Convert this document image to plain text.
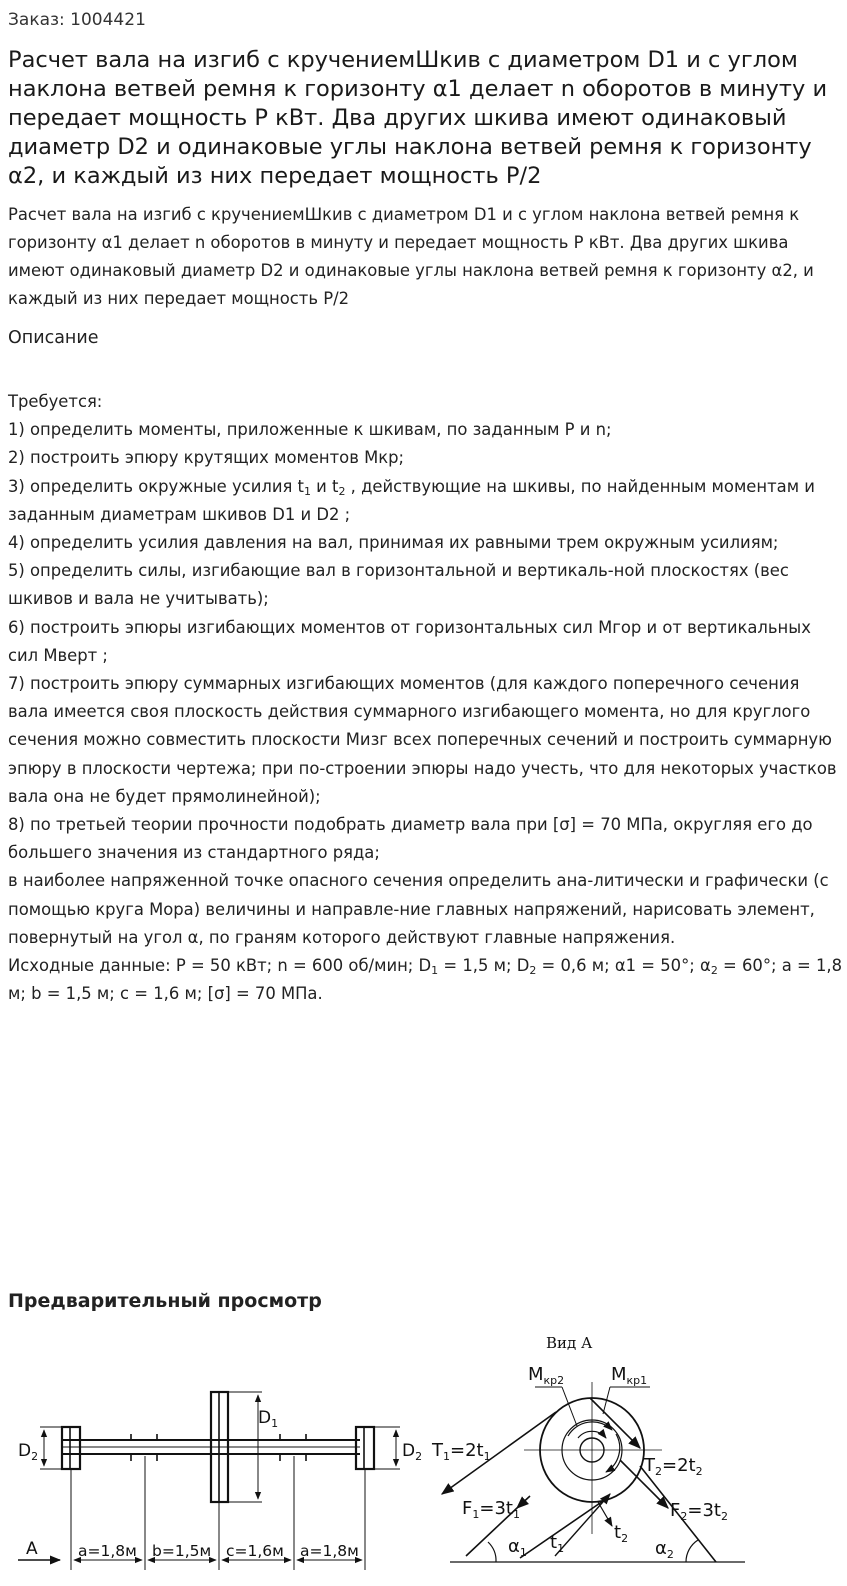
Заказ: 1004421
Расчет вала на изгиб с кручениемШкив с диаметром D1 и с углом наклона ветвей ремня к горизонту α1 делает n оборотов в минуту и передает мощность Р кВт. Два других шкива имеют одинаковый диаметр D2 и одинаковые углы наклона ветвей ремня к горизонту α2, и каждый из них передает мощность Р/2
Расчет вала на изгиб с кручениемШкив с диаметром D1 и с углом наклона ветвей ремня к горизонту α1 делает n оборотов в минуту и передает мощность Р кВт. Два других шкива имеют одинаковый диаметр D2 и одинаковые углы наклона ветвей ремня к горизонту α2, и каждый из них передает мощность Р/2
Описание
Требуется:
1) определить моменты, приложенные к шкивам, по заданным Р и n;
2) построить эпюру крутящих моментов Мкр;
3) определить окружные усилия $t_1$ и $t_2$ , действующие на шкивы, по найденным моментам и заданным диаметрам шкивов D1 и D2 ;
4) определить усилия давления на вал, принимая их равными трем окружным усилиям;
5) определить силы, изгибающие вал в горизонтальной и вертикаль-ной плоскостях (вес шкивов и вала не учитывать);
6) построить эпюры изгибающих моментов от горизонтальных сил Мгор и от вертикальных
сил Мверт ;
7) построить эпюру суммарных изгибающих моментов (для каждого поперечного сечения вала имеется своя плоскость действия суммарного изгибающего момента, но для круглого сечения можно совместить плоскости Мизг всех поперечных сечений и построить суммарную эпюру в плоскости чертежа; при по-строении эпюры надо учесть, что для некоторых участков вала она не будет прямолинейной);
8) по третьей теории прочности подобрать диаметр вала при [σ] = 70 МПа, округляя его до большего значения из стандартного ряда;
в наиболее напряженной точке опасного сечения определить ана-литически и графически (с помощью круга Мора) величины и направле-ние главных напряжений, нарисовать элемент, повернутый на угол α, по граням которого действуют главные напряжения.
Исходные данные: Р = 50 кВт; n = 600 об/мин; $D_1 = 1,5$ м; $D_2 = 0,6$ м; α1 = 50°; $\alpha_2 = 60^\circ$; a = 1,8 м; b = 1,5 м; c = 1,6 м; [σ] = 70 МПа.
Предварительный просмотр
$D_2$
$D_1$
$D_2$
А	a=1,8м b=1,5м c=1,6м a=1,8м
Вид А
$M_{кр2}$	$M_{кр1}$
$T_1=2t_1$	$T_2=2t_2$
$F_1=3t_1$	$F_2=3t_2$
$t_1$
$t_2$
$\alpha_1$	$\alpha_2$
